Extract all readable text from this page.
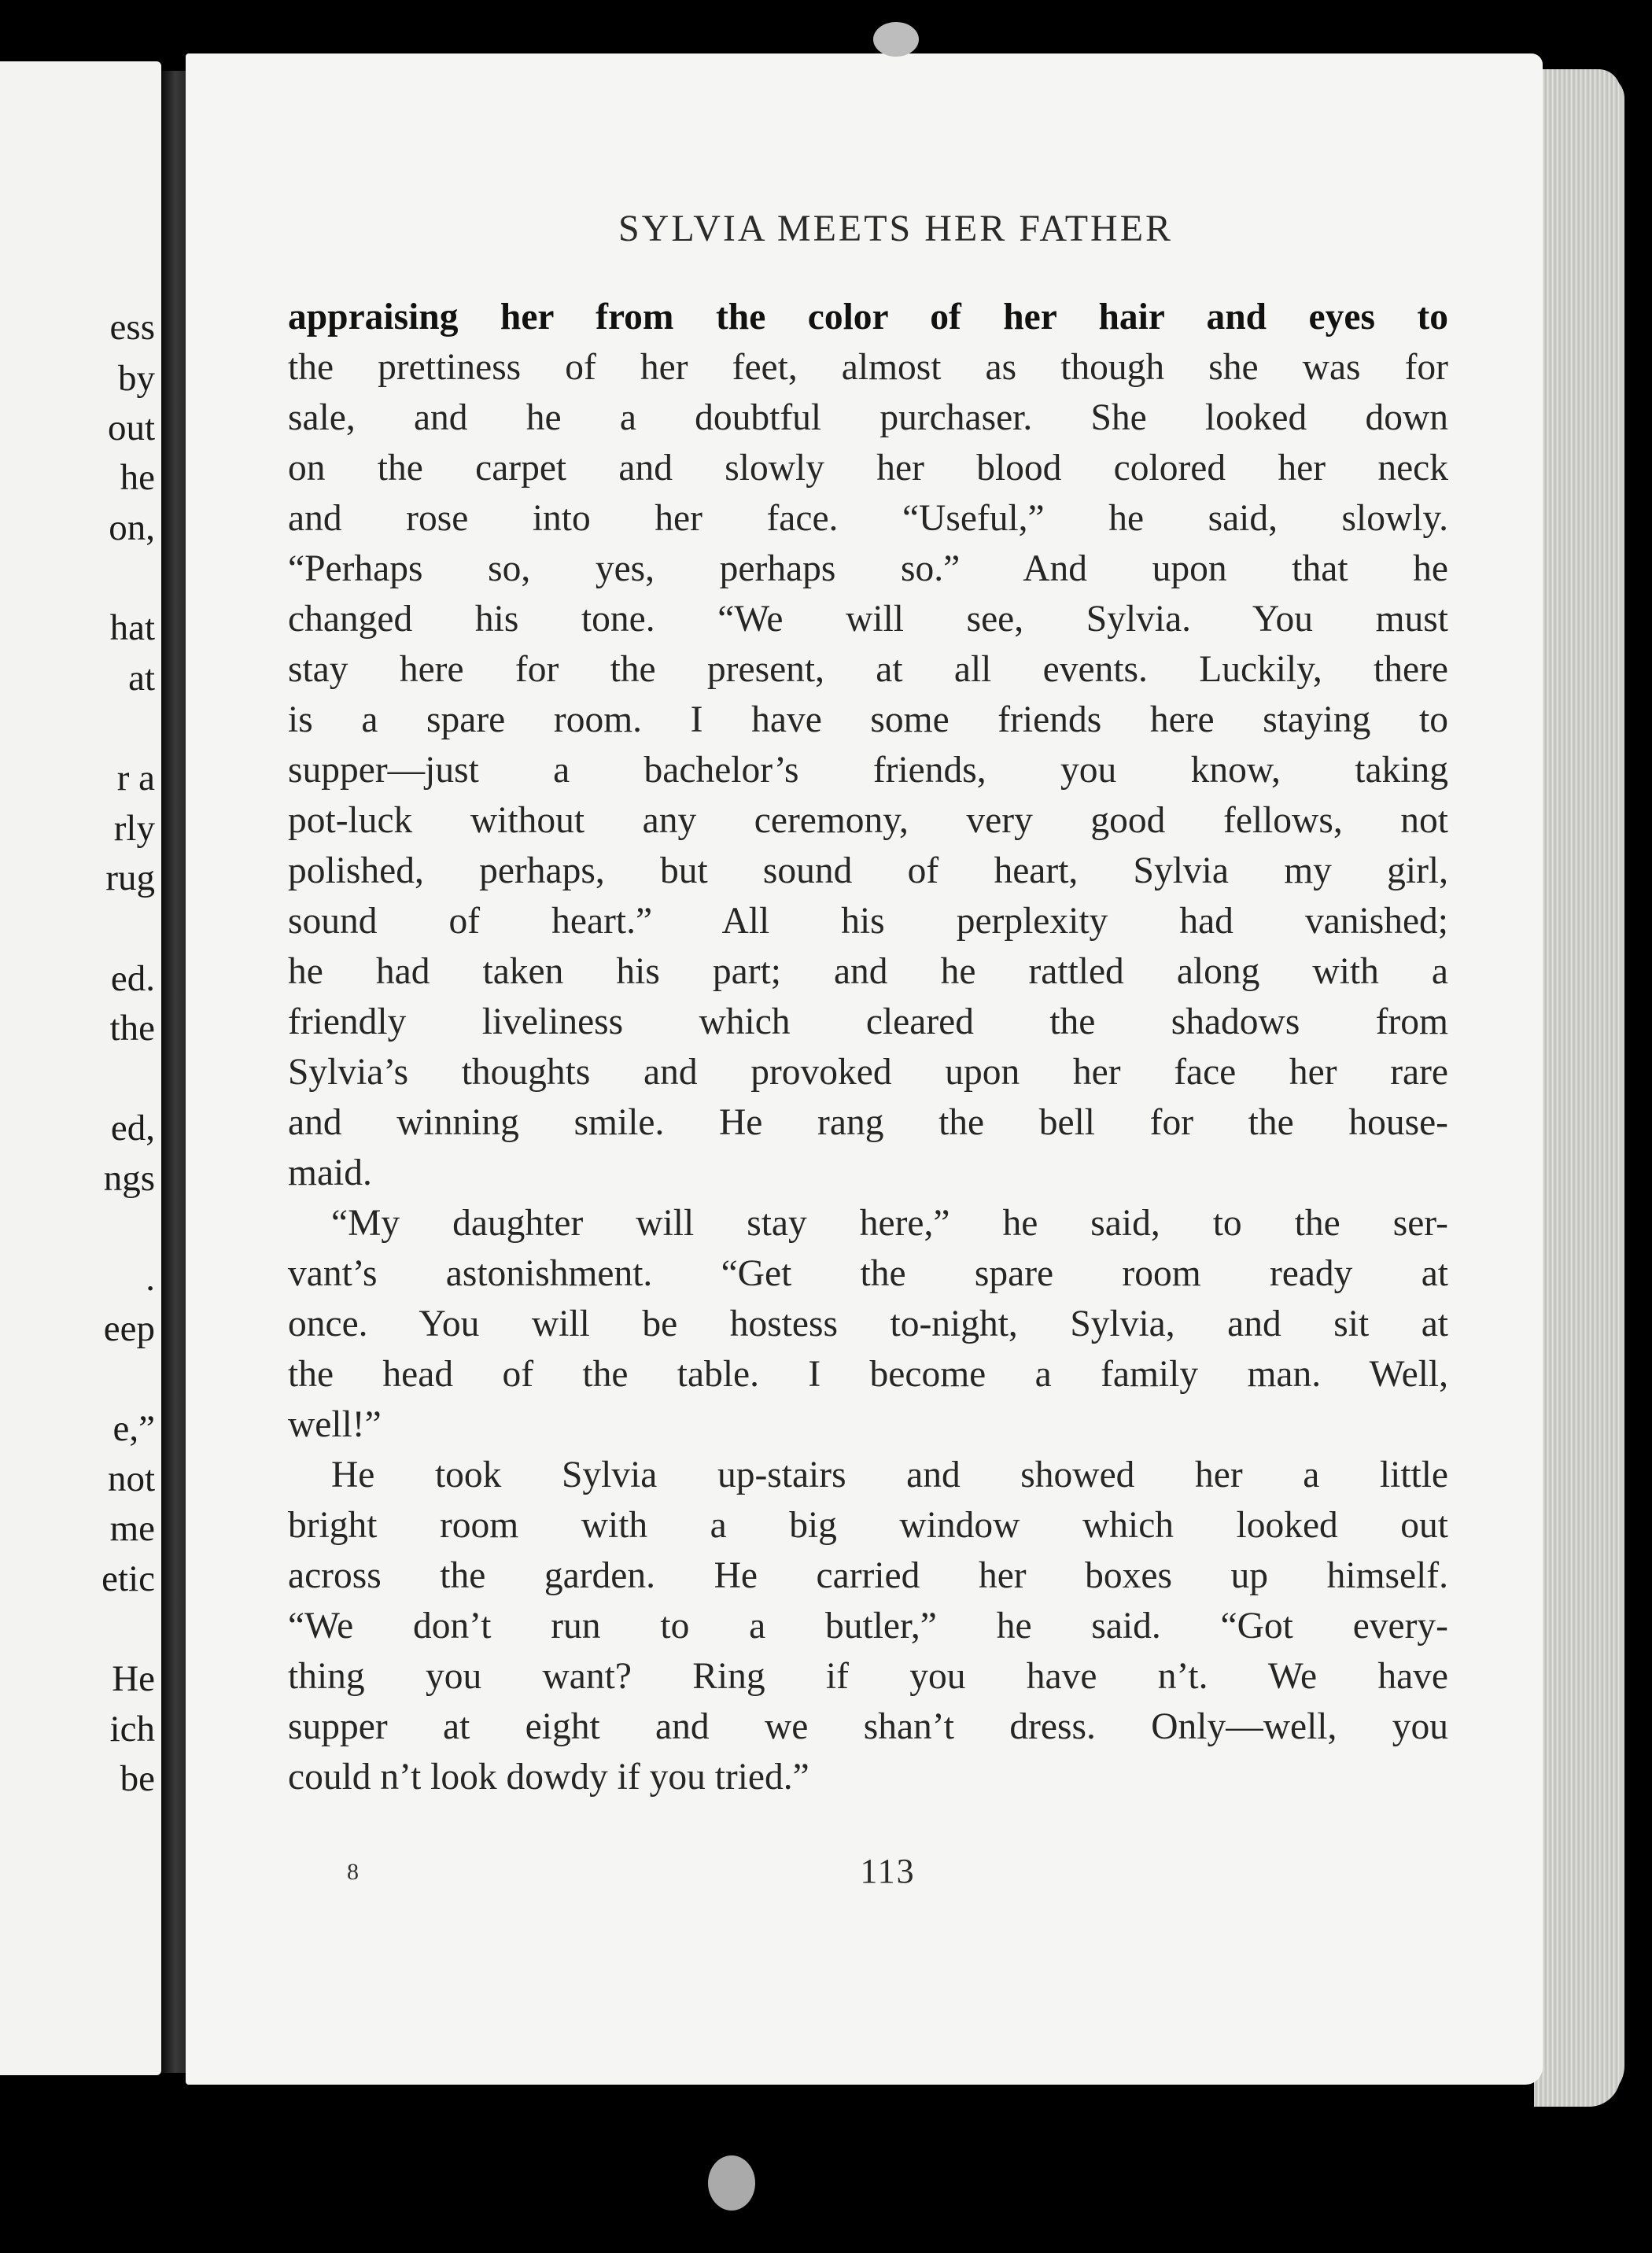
ess
by
out
he
on,
hat
at
r a
rly
rug
ed.
the
ed,
ngs
.
eep
e,”
not
me
etic
He
ich
be
SYLVIA MEETS HER FATHER
appraising her from the color of her hair and eyes to
the prettiness of her feet, almost as though she was for
sale, and he a doubtful purchaser. She looked down
on the carpet and slowly her blood colored her neck
and rose into her face. “Useful,” he said, slowly.
“Perhaps so, yes, perhaps so.” And upon that he
changed his tone. “We will see, Sylvia. You must
stay here for the present, at all events. Luckily, there
is a spare room. I have some friends here staying to
supper—just a bachelor’s friends, you know, taking
pot-luck without any ceremony, very good fellows, not
polished, perhaps, but sound of heart, Sylvia my girl,
sound of heart.” All his perplexity had vanished;
he had taken his part; and he rattled along with a
friendly liveliness which cleared the shadows from
Sylvia’s thoughts and provoked upon her face her rare
and winning smile. He rang the bell for the house-
maid.
“My daughter will stay here,” he said, to the ser-
vant’s astonishment. “Get the spare room ready at
once. You will be hostess to-night, Sylvia, and sit at
the head of the table. I become a family man. Well,
well!”
He took Sylvia up-stairs and showed her a little
bright room with a big window which looked out
across the garden. He carried her boxes up himself.
“We don’t run to a butler,” he said. “Got every-
thing you want? Ring if you have n’t. We have
supper at eight and we shan’t dress. Only—well, you
could n’t look dowdy if you tried.”
8	113
